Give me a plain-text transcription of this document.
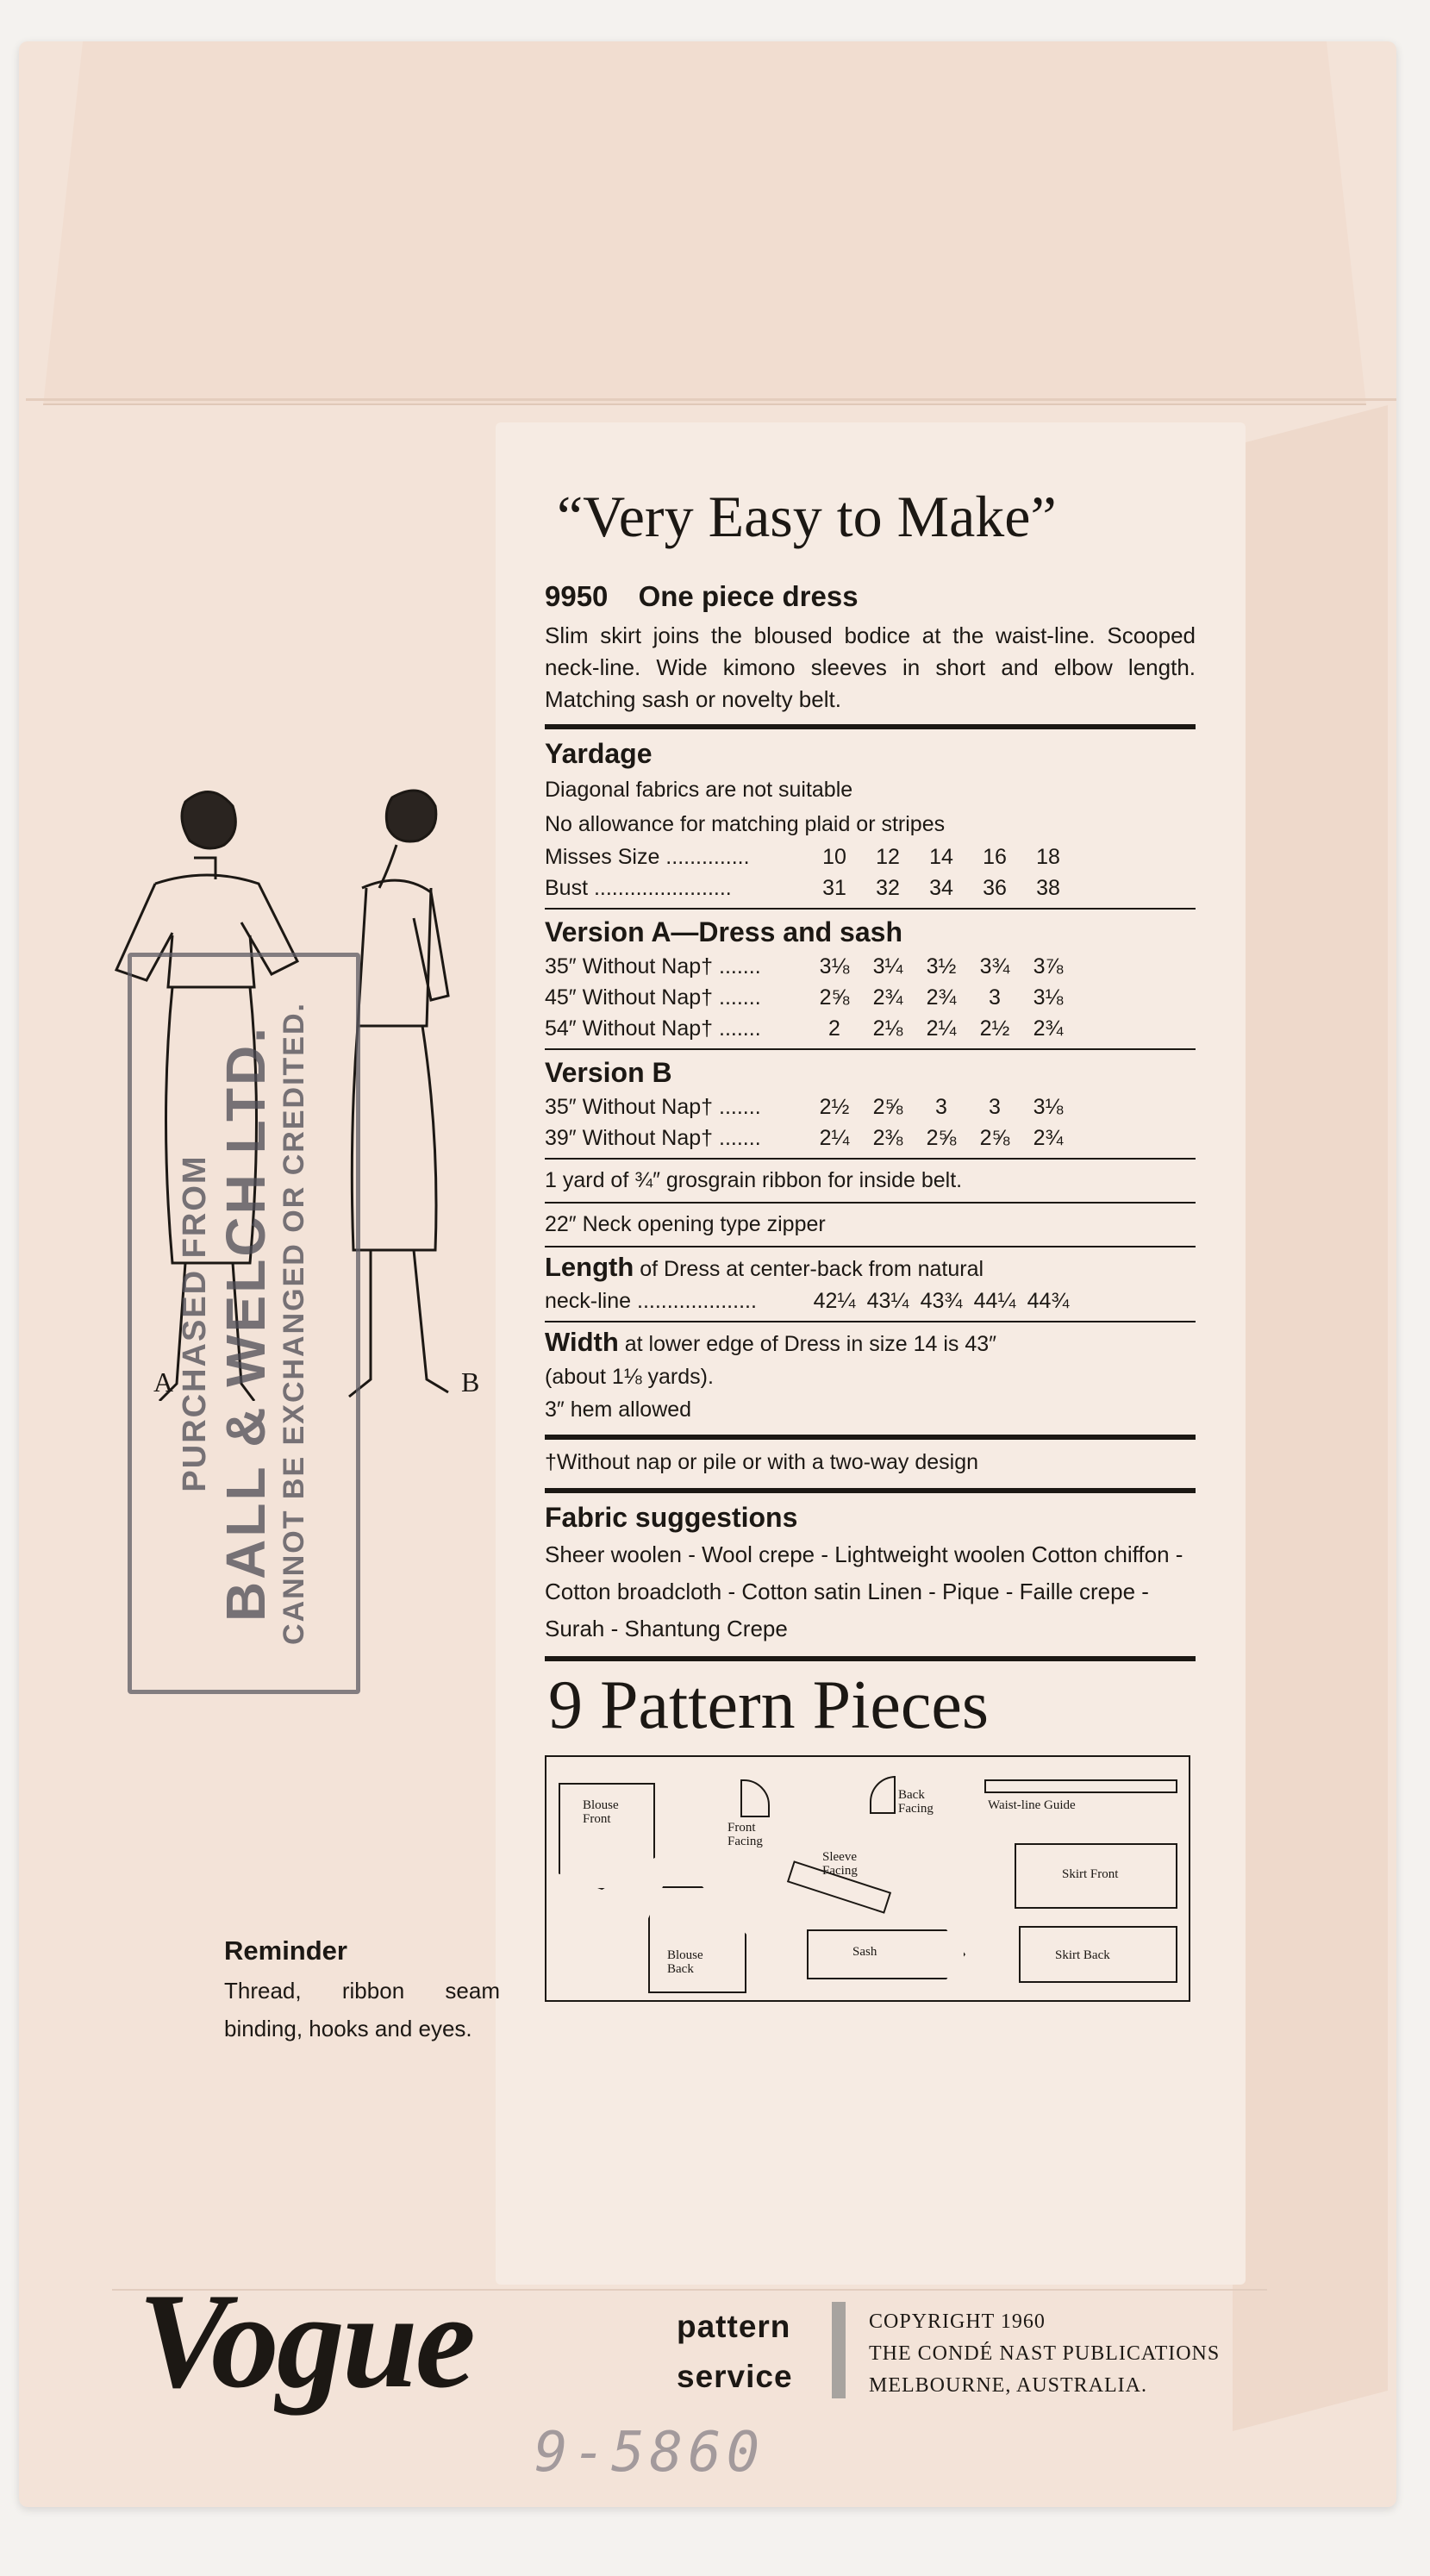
A	B
PURCHASED FROM BALL & WELCH LTD. CANNOT BE EXCHANGED OR CREDITED.
“Very Easy to Make”
9950 One piece dress
Slim skirt joins the bloused bodice at the waist-line. Scooped neck-line. Wide kimono sleeves in short and elbow length. Matching sash or novelty belt.
Yardage
Diagonal fabrics are not suitable
No allowance for matching plaid or stripes
Misses Size ..............	10	12	14	16	18
Bust .......................	31	32	34	36	38
Version A—Dress and sash
35″ Without Nap† .......	3⅛	3¼	3½	3¾	3⅞
45″ Without Nap† .......	2⅝	2¾	2¾	3	3⅛
54″ Without Nap† .......	2	2⅛	2¼	2½	2¾
Version B
35″ Without Nap† .......	2½	2⅝	3	3	3⅛
39″ Without Nap† .......	2¼	2⅜	2⅝	2⅝	2¾
1 yard of ¾″ grosgrain ribbon for inside belt.
22″ Neck opening type zipper
Length of Dress at center-back from natural
neck-line ....................	42¼ 43¼ 43¾ 44¼ 44¾
Width at lower edge of Dress in size 14 is 43″
(about 1⅛ yards).
3″ hem allowed
†Without nap or pile or with a two-way design
Fabric suggestions
Sheer woolen - Wool crepe - Lightweight woolen Cotton chiffon - Cotton broadcloth - Cotton satin Linen - Pique - Faille crepe - Surah - Shantung Crepe
9 Pattern Pieces
Blouse Front
Front Facing
Back Facing	Waist-line Guide
Sleeve Facing	Skirt Front
Blouse Back
Sash	Skirt Back
Reminder
Thread, ribbon seam binding, hooks and eyes.
Vogue	pattern
service
COPYRIGHT 1960
THE CONDÉ NAST PUBLICATIONS
MELBOURNE, AUSTRALIA.
9-5860
